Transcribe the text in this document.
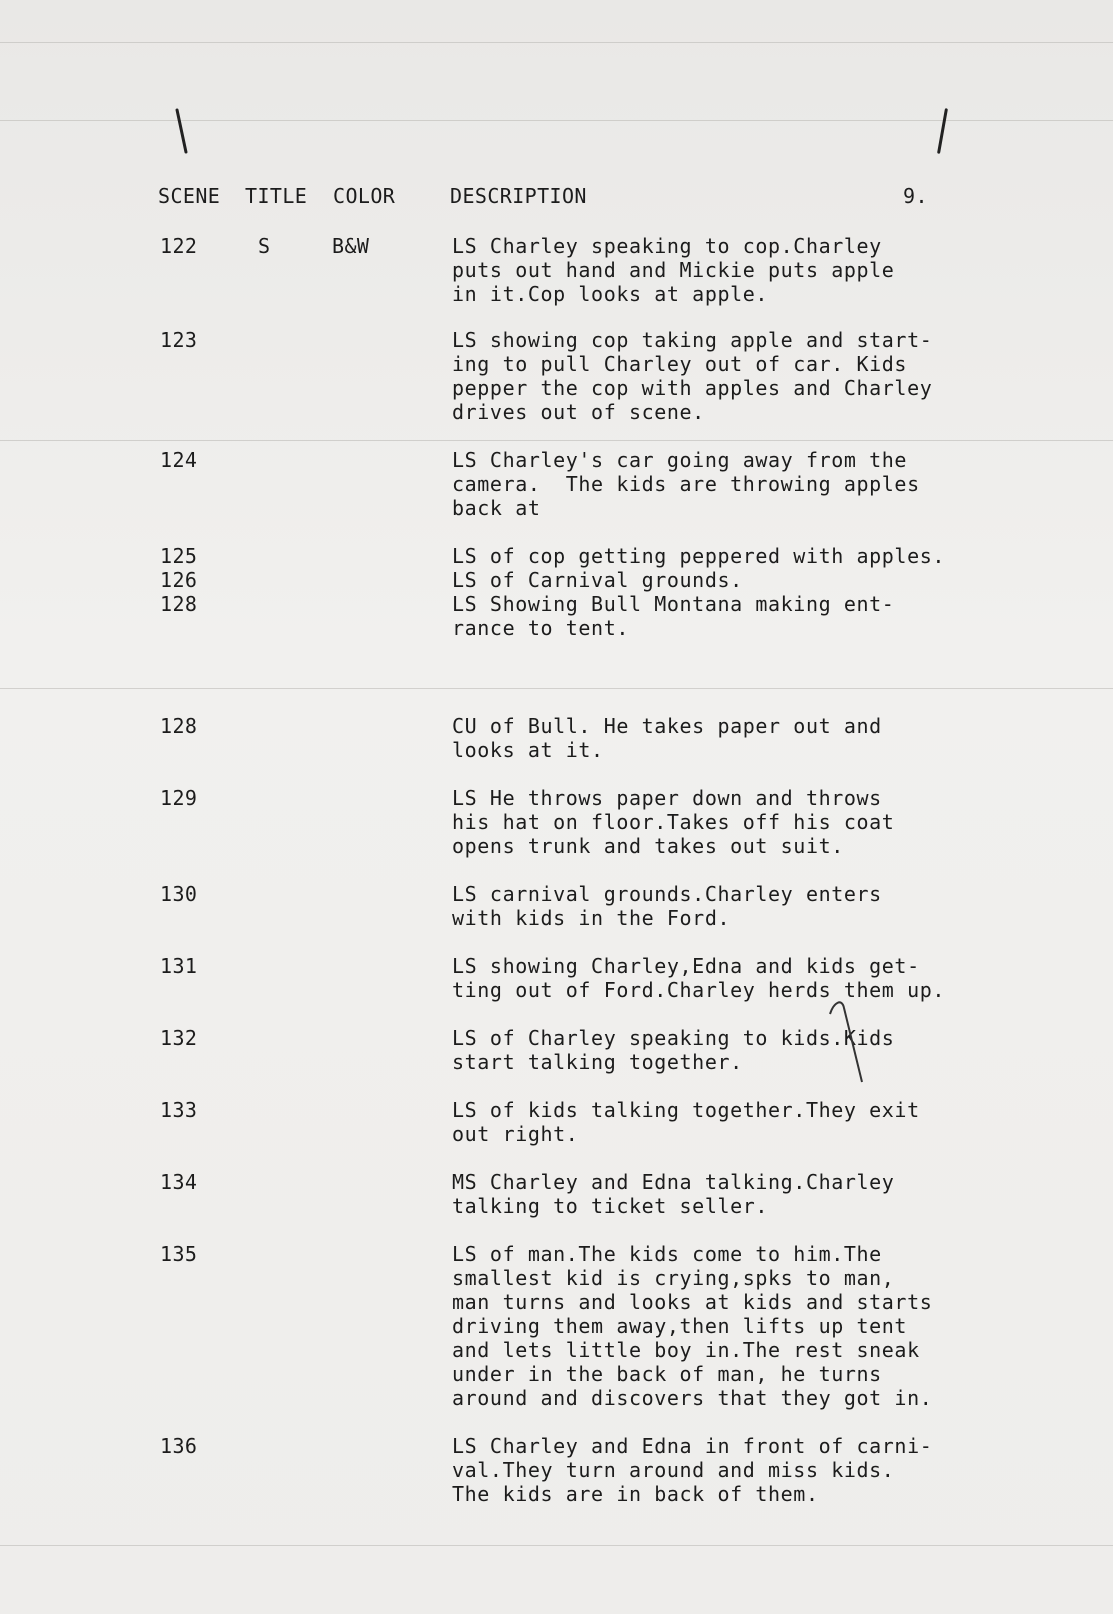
SCENE TITLE COLOR	DESCRIPTION	9.
122	S	B&W	LS Charley speaking to cop.Charley
puts out hand and Mickie puts apple
in it.Cop looks at apple.
123	LS showing cop taking apple and start-
ing to pull Charley out of car. Kids
pepper the cop with apples and Charley
drives out of scene.
124	LS Charley's car going away from the
camera.  The kids are throwing apples
back at
125	LS of cop getting peppered with apples.
126	LS of Carnival grounds.
128	LS Showing Bull Montana making ent-
rance to tent.
128	CU of Bull. He takes paper out and
looks at it.
129	LS He throws paper down and throws
his hat on floor.Takes off his coat
opens trunk and takes out suit.
130	LS carnival grounds.Charley enters
with kids in the Ford.
131	LS showing Charley,Edna and kids get-
ting out of Ford.Charley herds them up.
132	LS of Charley speaking to kids.Kids
start talking together.
133	LS of kids talking together.They exit
out right.
134	MS Charley and Edna talking.Charley
talking to ticket seller.
135	LS of man.The kids come to him.The
smallest kid is crying,spks to man,
man turns and looks at kids and starts
driving them away,then lifts up tent
and lets little boy in.The rest sneak
under in the back of man, he turns
around and discovers that they got in.
136	LS Charley and Edna in front of carni-
val.They turn around and miss kids.
The kids are in back of them.
